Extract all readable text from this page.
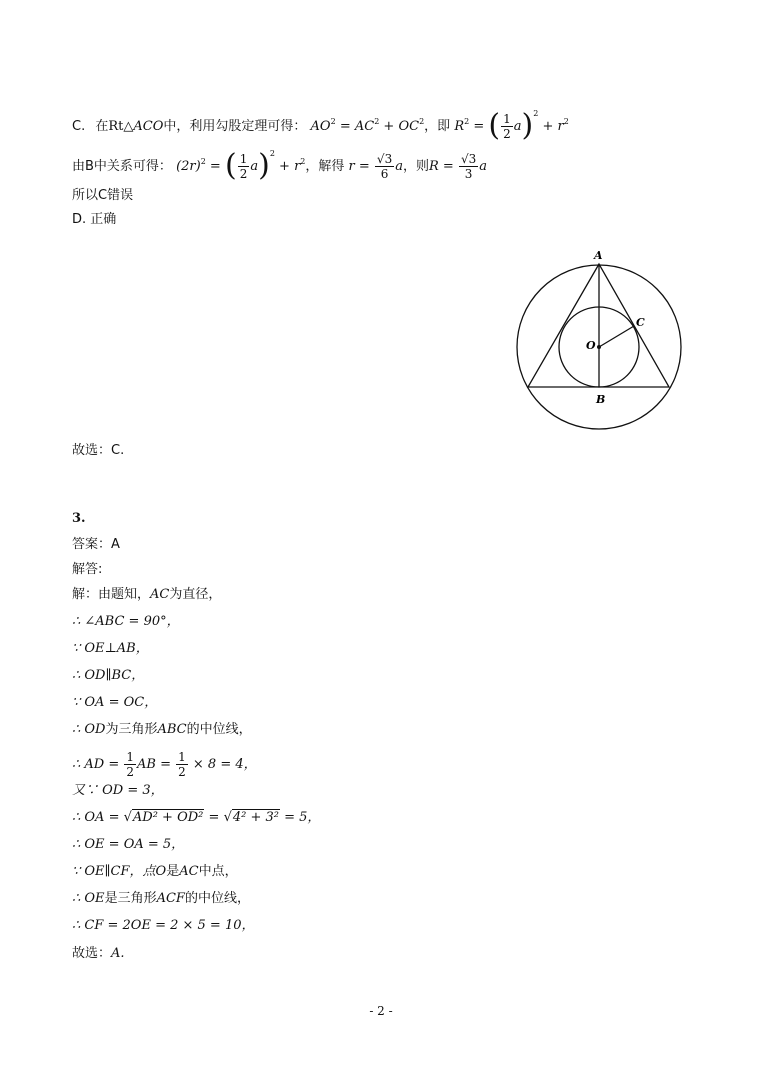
C. 在Rt△ACO中，利用勾股定理可得： $AO^2 = AC^2 + OC^2$，即 $R^2$ = ( $\frac{1}{2} a)^2 + r^2$
由B中关系可得： $(2r)^2$ = ( $\frac{1}{2} a)^2 + r^2$，解得 $r = \frac{√3}{6}$ a，则$R = \frac{√3}{3}$ a
所以C错误
D. 正确
A
C
O
B
故选：C.
3.
答案：A
解答:
解：由题知，AC为直径，
∴ ∠ABC = 90°，
∵ OE⊥AB，
∴ OD∥BC，
∵ OA = OC，
∴ OD为三角形ABC的中位线，
∴ AD = $\frac{1}{2}$ AB = $\frac{1}{2} \times 8 = 4$，
又∵ OD = 3，
∴ OA = √AD² + OD² = √4² + 3² = 5，
∴ OE = OA = 5，
∵ OE∥CF，点O是AC中点，
∴ OE是三角形ACF的中位线，
∴ CF = 2OE = 2 × 5 = 10，
故选：A.
- 2 -
